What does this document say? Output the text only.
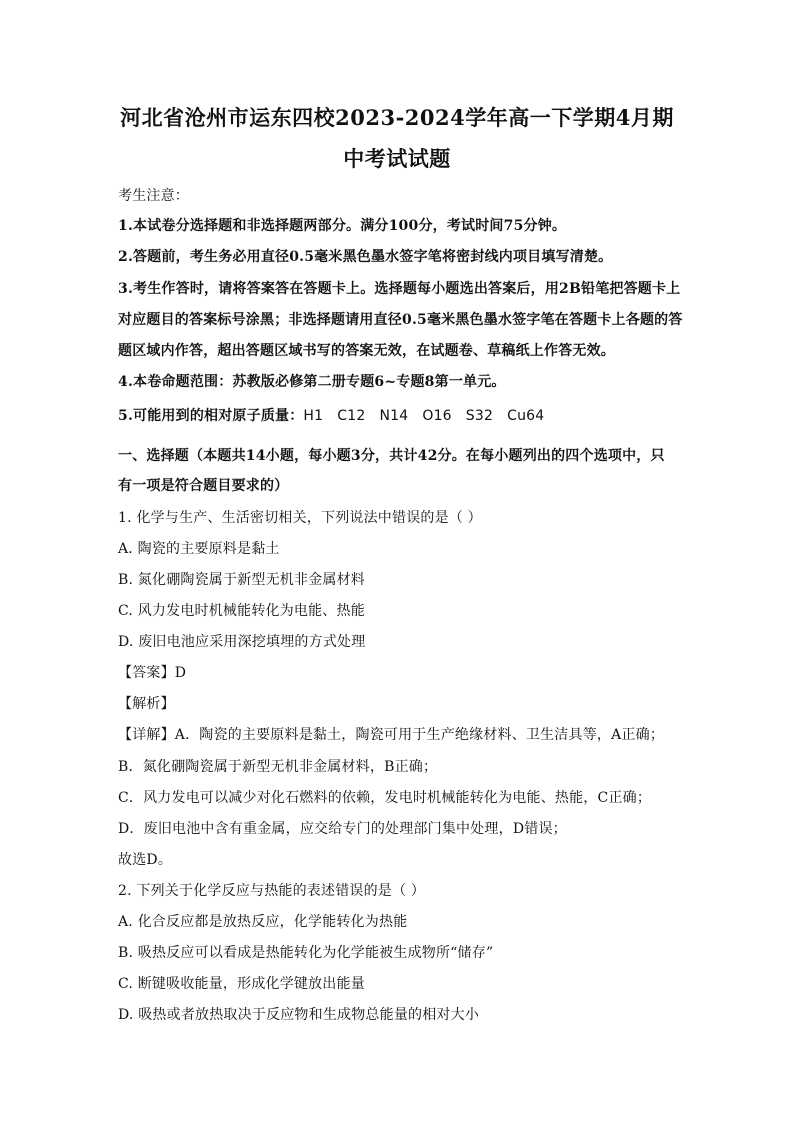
河北省沧州市运东四校2023-2024学年高一下学期4月期
中考试试题
考生注意：
1.本试卷分选择题和非选择题两部分。满分100分，考试时间75分钟。
2.答题前，考生务必用直径0.5毫米黑色墨水签字笔将密封线内项目填写清楚。
3.考生作答时，请将答案答在答题卡上。选择题每小题选出答案后，用2B铅笔把答题卡上
对应题目的答案标号涂黑；非选择题请用直径0.5毫米黑色墨水签字笔在答题卡上各题的答
题区域内作答，超出答题区域书写的答案无效，在试题卷、草稿纸上作答无效。
4.本卷命题范围：苏教版必修第二册专题6~专题8第一单元。
5.可能用到的相对原子质量：H1 C12 N14 O16 S32 Cu64
一、选择题（本题共14小题，每小题3分，共计42分。在每小题列出的四个选项中，只
有一项是符合题目要求的）
1. 化学与生产、生活密切相关，下列说法中错误的是（ ）
A. 陶瓷的主要原料是黏土
B. 氮化硼陶瓷属于新型无机非金属材料
C. 风力发电时机械能转化为电能、热能
D. 废旧电池应采用深挖填埋的方式处理
【答案】D
【解析】
【详解】A．陶瓷的主要原料是黏土，陶瓷可用于生产绝缘材料、卫生洁具等，A正确；
B．氮化硼陶瓷属于新型无机非金属材料，B正确；
C．风力发电可以减少对化石燃料的依赖，发电时机械能转化为电能、热能，C正确；
D．废旧电池中含有重金属，应交给专门的处理部门集中处理，D错误；
故选D。
2. 下列关于化学反应与热能的表述错误的是（ ）
A. 化合反应都是放热反应，化学能转化为热能
B. 吸热反应可以看成是热能转化为化学能被生成物所“储存”
C. 断键吸收能量，形成化学键放出能量
D. 吸热或者放热取决于反应物和生成物总能量的相对大小
